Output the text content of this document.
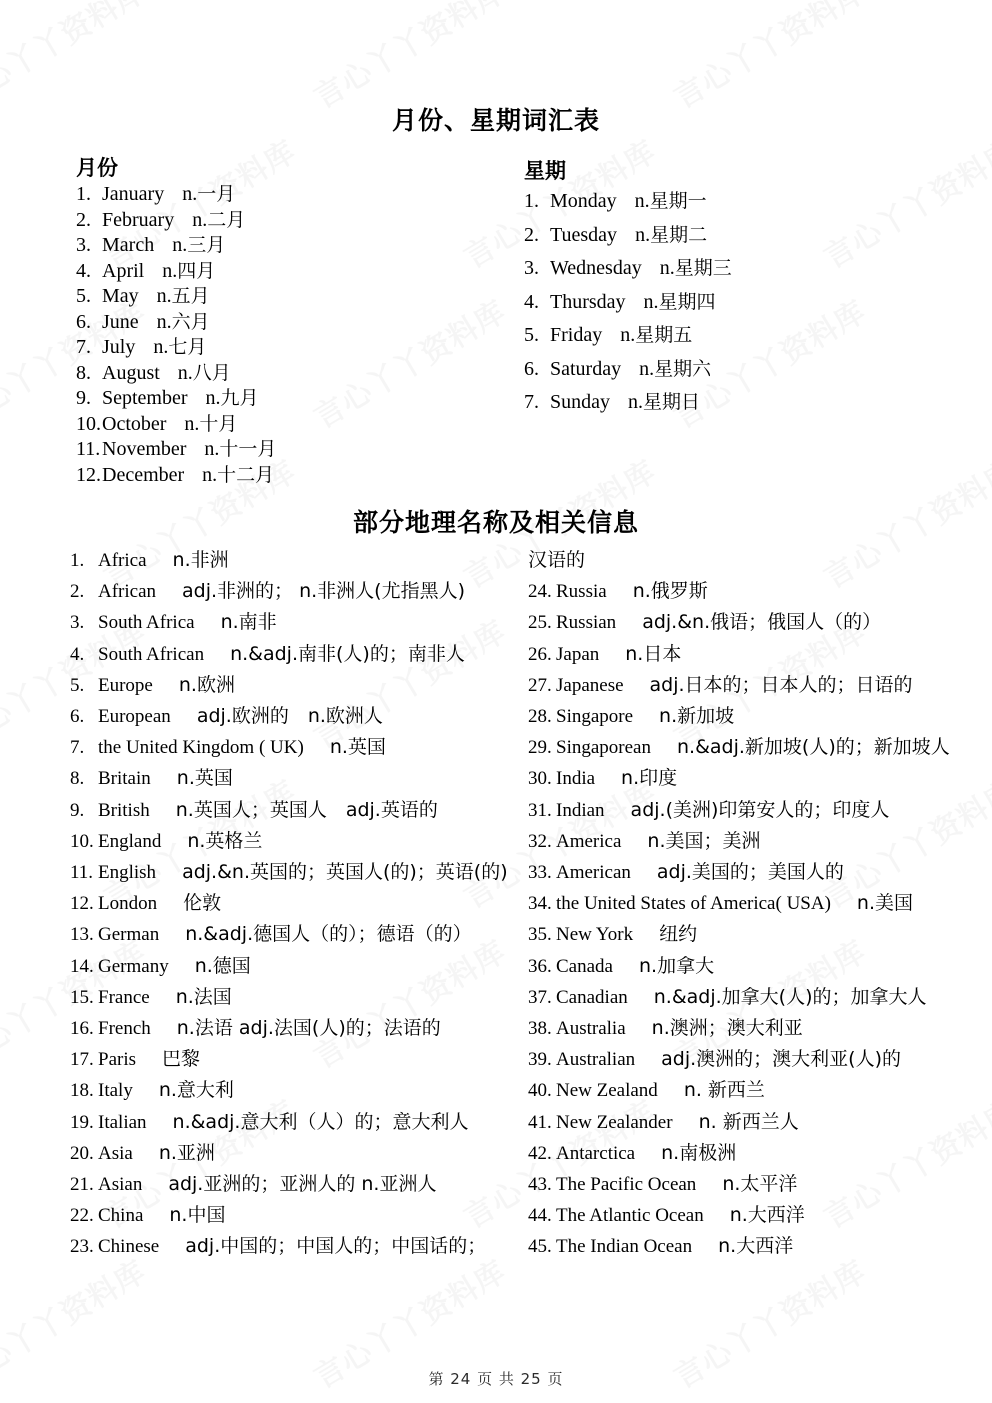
月份、星期词汇表
月份
1. January n.一月
2. February n.二月
3. March n.三月
4. April n.四月
5. May n.五月
6. June n.六月
7. July n.七月
8. August n.八月
9. September n.九月
10.October n.十月
11.November n.十一月
12.December n.十二月
星期
1. Monday n.星期一
2. Tuesday n.星期二
3. Wednesday n.星期三
4. Thursday n.星期四
5. Friday n.星期五
6. Saturday n.星期六
7. Sunday n.星期日
部分地理名称及相关信息
1. Africa n.非洲
2. African adj.非洲的； n.非洲人(尤指黑人)
3. South Africa n.南非
4. South African n.&adj.南非(人)的；南非人
5. Europe n.欧洲
6. European adj.欧洲的　n.欧洲人
7. the United Kingdom ( UK) n.英国
8. Britain n.英国
9. British n.英国人；英国人　adj.英语的
10. England n.英格兰
11. English adj.&n.英国的；英国人(的)；英语(的)
12. London 伦敦
13. German n.&adj.德国人（的）；德语（的）
14. Germany n.德国
15. France n.法国
16. French n.法语 adj.法国(人)的；法语的
17. Paris 巴黎
18. Italy n.意大利
19. Italian n.&adj.意大利（人）的；意大利人
20. Asia n.亚洲
21. Asian adj.亚洲的；亚洲人的 n.亚洲人
22. China n.中国
23. Chinese adj.中国的；中国人的；中国话的；
汉语的
24. Russia n.俄罗斯
25. Russian adj.&n.俄语；俄国人（的）
26. Japan n.日本
27. Japanese adj.日本的；日本人的；日语的
28. Singapore n.新加坡
29. Singaporean n.&adj.新加坡(人)的；新加坡人
30. India n.印度
31. Indian adj.(美洲)印第安人的；印度人
32. America n.美国；美洲
33. American adj.美国的；美国人的
34. the United States of America( USA) n.美国
35. New York 纽约
36. Canada n.加拿大
37. Canadian n.&adj.加拿大(人)的；加拿大人
38. Australia n.澳洲；澳大利亚
39. Australian adj.澳洲的；澳大利亚(人)的
40. New Zealand n. 新西兰
41. New Zealander n. 新西兰人
42. Antarctica n.南极洲
43. The Pacific Ocean n.太平洋
44. The Atlantic Ocean n.大西洋
45. The Indian Ocean n.大西洋
第 24 页 共 25 页
